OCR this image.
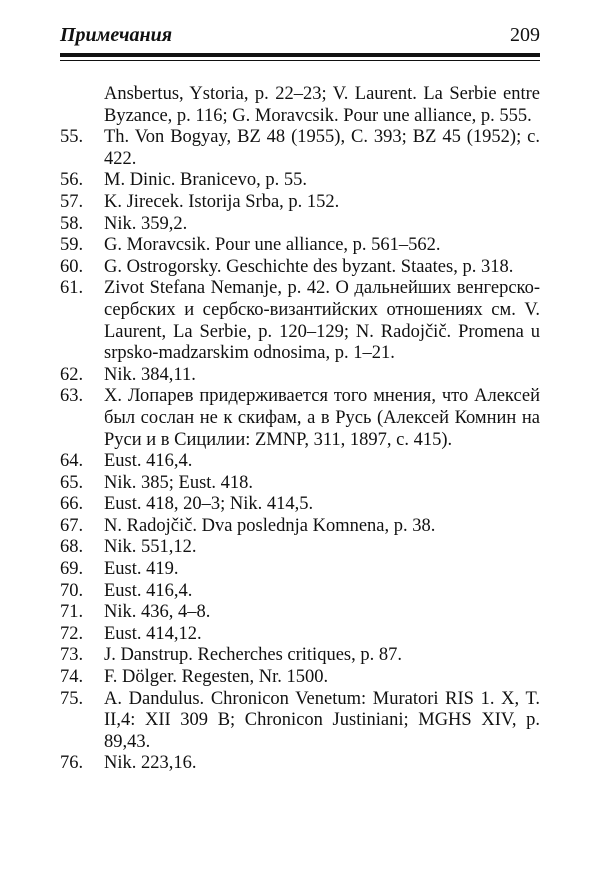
Примечания	209

Ansbertus, Ystoria, p. 22–23; V. Laurent. La Serbie entre Byzance, p. 116; G. Moravcsik. Pour une alliance, p. 555.

55.	Th. Von Bogyay, BZ 48 (1955), С. 393; BZ 45 (1952); с. 422.

56.	M. Dinic. Branicevo, p. 55.

57.	K. Jirecek. Istorija Srba, p. 152.

58.	Nik. 359,2.

59.	G. Moravcsik. Pour une alliance, p. 561–562.

60.	G. Ostrogorsky. Geschichte des byzant. Staates, p. 318.

61.	Zivot Stefana Nemanje, p. 42. О дальнейших венгерско-сербских и сербско-византийских отношениях см. V. Laurent, La Serbie, p. 120–129; N. Radojčič. Promena u srpsko-madzarskim odnosima, p. 1–21.

62.	Nik. 384,11.

63.	Х. Лопарев придерживается того мнения, что Алексей был сослан не к скифам, а в Русь (Алексей Комнин на Руси и в Сицилии: ZMNP, 311, 1897, с. 415).

64.	Eust. 416,4.

65.	Nik. 385; Eust. 418.

66.	Eust. 418, 20–3; Nik. 414,5.

67.	N. Radojčič. Dva poslednja Komnena, p. 38.

68.	Nik. 551,12.

69.	Eust. 419.

70.	Eust. 416,4.

71.	Nik. 436, 4–8.

72.	Eust. 414,12.

73.	J. Danstrup. Recherches critiques, p. 87.

74.	F. Dölger. Regesten, Nr. 1500.

75.	A. Dandulus. Chronicon Venetum: Muratori RIS 1. X, T. II,4: XII 309 B; Chronicon Justiniani; MGHS XIV, p. 89,43.

76.	Nik. 223,16.
